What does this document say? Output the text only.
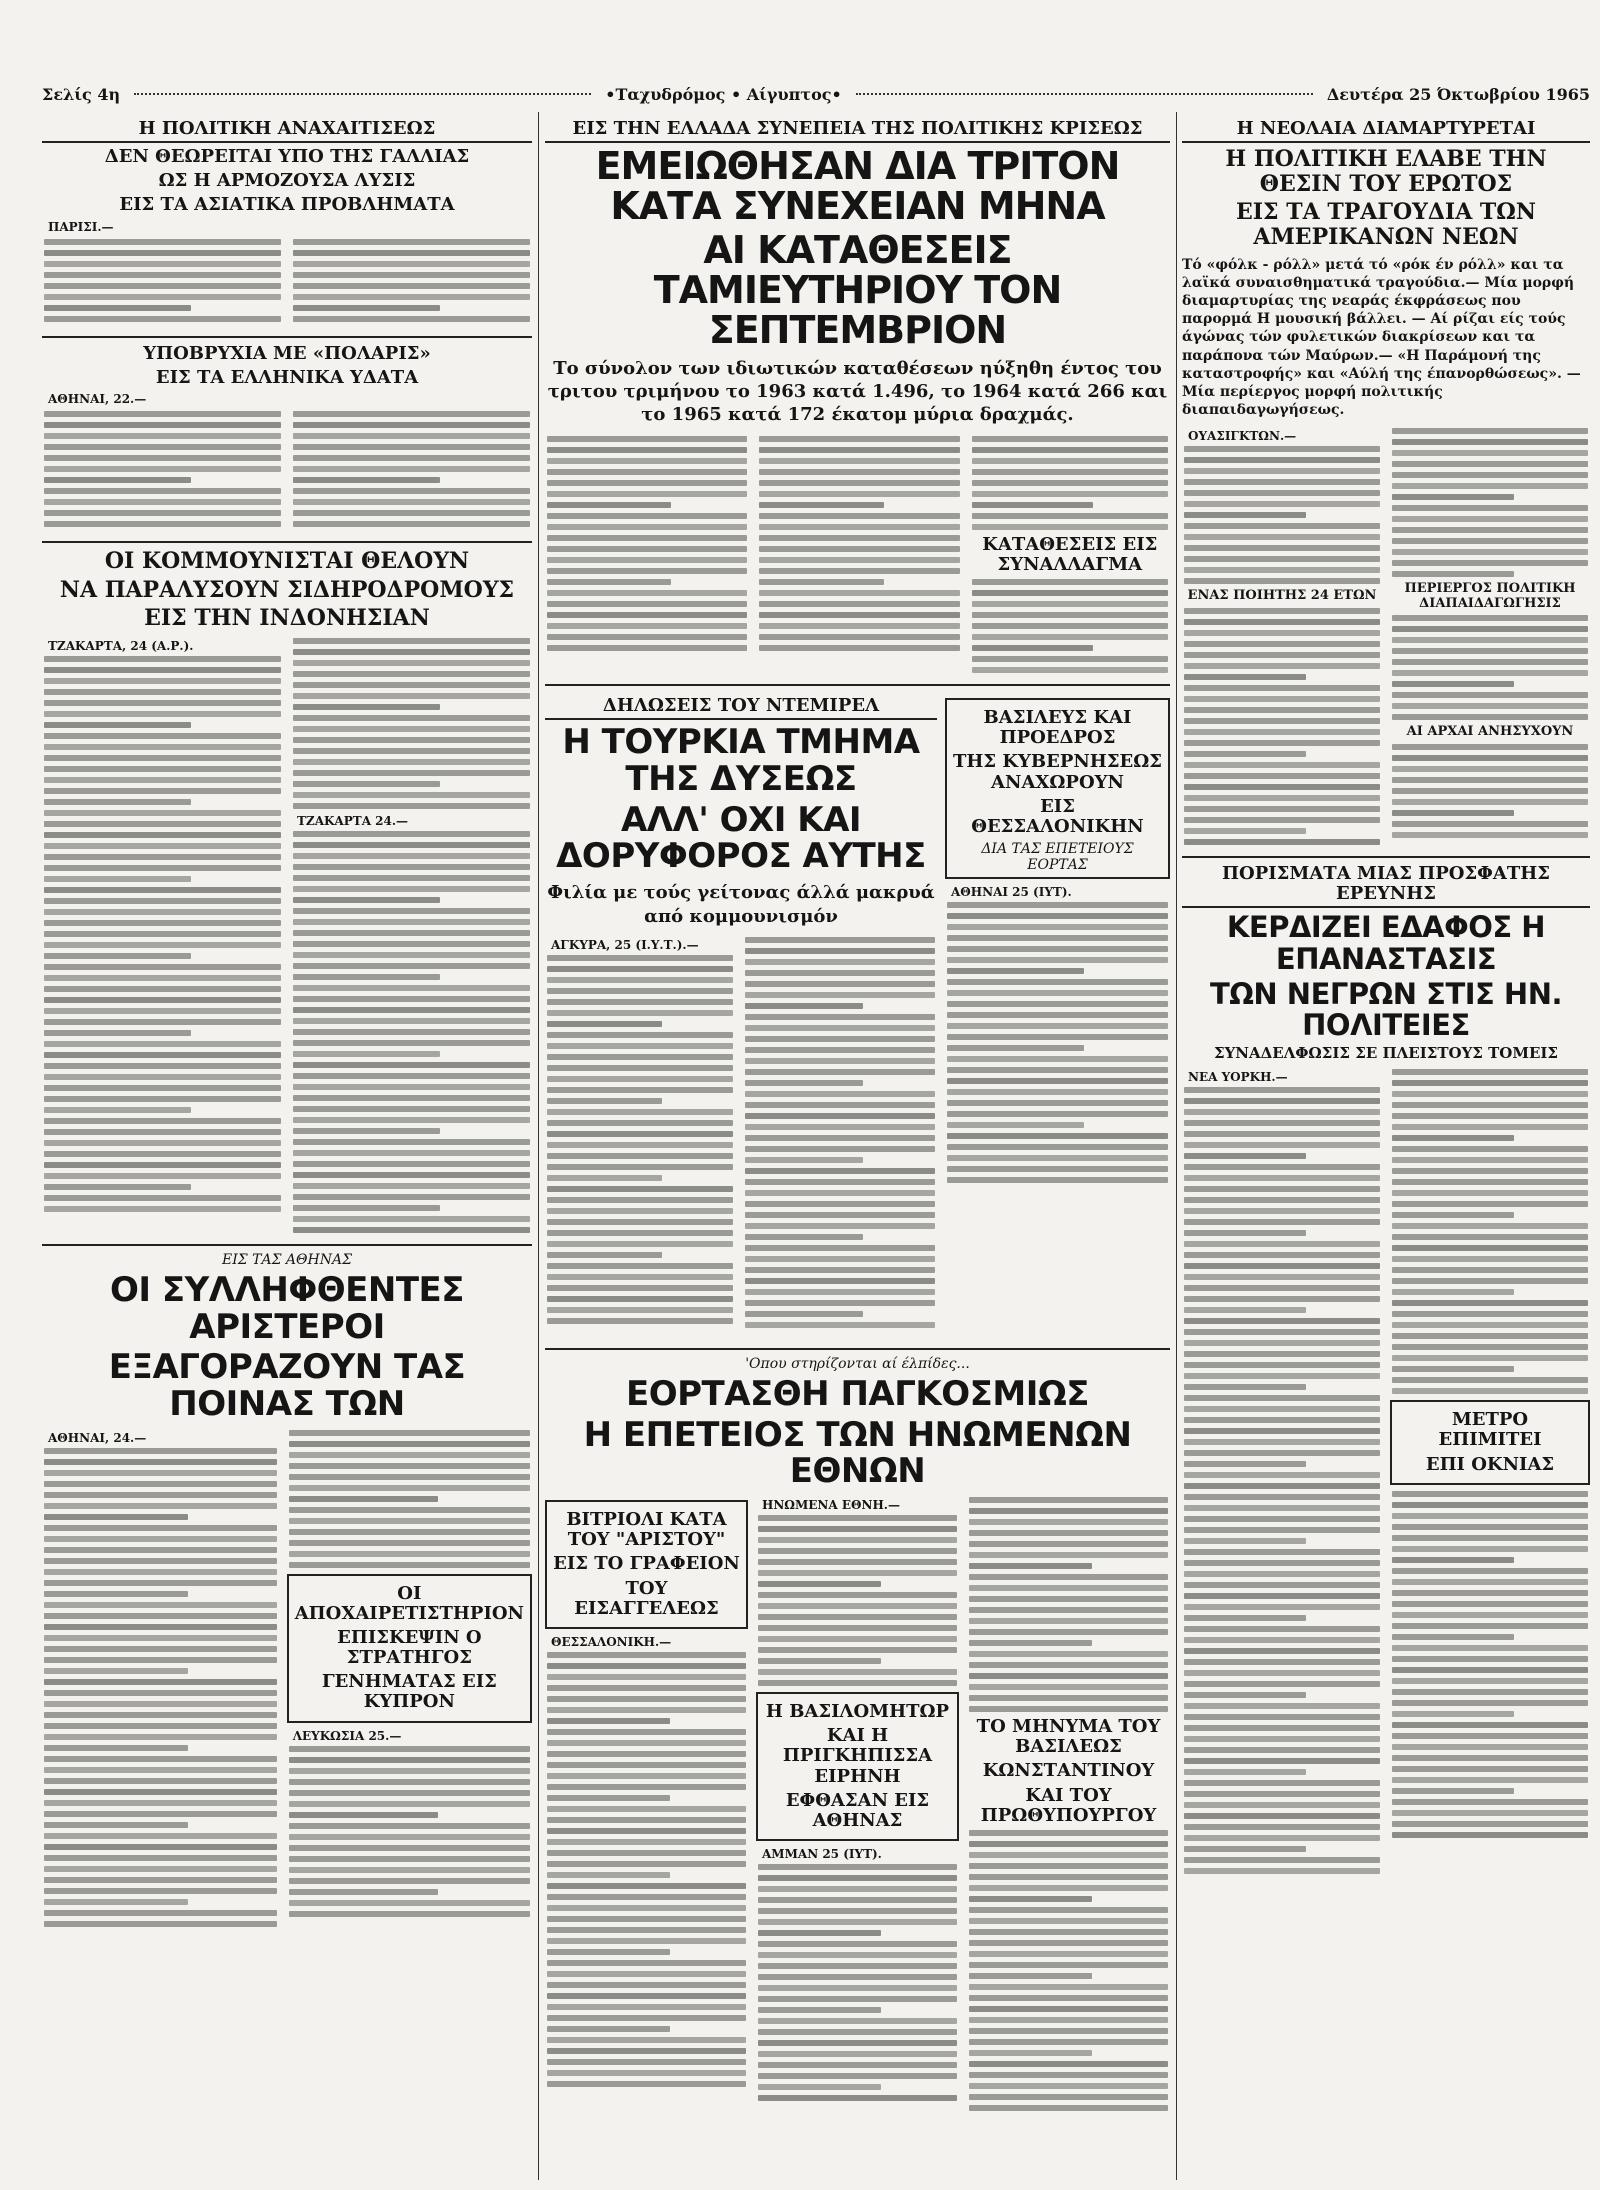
Σελίς 4η	•Ταχυδρόμος • Αίγυπτος•	Δευτέρα 25 Όκτωβρίου 1965
Η ΠΟΛΙΤΙΚΗ ΑΝΑΧΑΙΤΙΣΕΩΣ
ΔΕΝ ΘΕΩΡΕΙΤΑΙ ΥΠΟ ΤΗΣ ΓΑΛΛΙΑΣ
ΩΣ Η ΑΡΜΟΖΟΥΣΑ ΛΥΣΙΣ
ΕΙΣ ΤΑ ΑΣΙΑΤΙΚΑ ΠΡΟΒΛΗΜΑΤΑ
ΠΑΡΙΣΙ.—
ΥΠΟΒΡΥΧΙΑ ΜΕ «ΠΟΛΑΡΙΣ»
ΕΙΣ ΤΑ ΕΛΛΗΝΙΚΑ ΥΔΑΤΑ
ΑΘΗΝΑΙ, 22.—
ΟΙ ΚΟΜΜΟΥΝΙΣΤΑΙ ΘΕΛΟΥΝ
ΝΑ ΠΑΡΑΛΥΣΟΥΝ ΣΙΔΗΡΟΔΡΟΜΟΥΣ
ΕΙΣ ΤΗΝ ΙΝΔΟΝΗΣΙΑΝ
ΤΖΑΚΑΡΤΑ, 24 (Α.Ρ.).
ΤΖΑΚΑΡΤΑ 24.—
ΕΙΣ ΤΑΣ ΑΘΗΝΑΣ
ΟΙ ΣΥΛΛΗΦΘΕΝΤΕΣ ΑΡΙΣΤΕΡΟΙ
ΕΞΑΓΟΡΑΖΟΥΝ ΤΑΣ ΠΟΙΝΑΣ ΤΩΝ
ΑΘΗΝΑΙ, 24.—
ΟΙ ΑΠΟΧΑΙΡΕΤΙΣΤΗΡΙΟΝ
ΕΠΙΣΚΕΨΙΝ Ο ΣΤΡΑΤΗΓΟΣ
ΓΕΝΗΜΑΤΑΣ ΕΙΣ ΚΥΠΡΟΝ
ΛΕΥΚΩΣΙΑ 25.—
ΕΙΣ ΤΗΝ ΕΛΛΑΔΑ ΣΥΝΕΠΕΙΑ ΤΗΣ ΠΟΛΙΤΙΚΗΣ ΚΡΙΣΕΩΣ
ΕΜΕΙΩΘΗΣΑΝ ΔΙΑ ΤΡΙΤΟΝ ΚΑΤΑ ΣΥΝΕΧΕΙΑΝ ΜΗΝΑ
ΑΙ ΚΑΤΑΘΕΣΕΙΣ ΤΑΜΙΕΥΤΗΡΙΟΥ ΤΟΝ ΣΕΠΤΕΜΒΡΙΟΝ
Το σύνολον των ιδιωτικών καταθέσεων ηύξηθη έντος του τριτου τριμήνου το 1963 κατά 1.496, το 1964 κατά 266 και το 1965 κατά 172 έκατομ μύρια δραχμάς.
ΚΑΤΑΘΕΣΕΙΣ ΕΙΣ ΣΥΝΑΛΛΑΓΜΑ
ΔΗΛΩΣΕΙΣ ΤΟΥ ΝΤΕΜΙΡΕΛ
Η ΤΟΥΡΚΙΑ ΤΜΗΜΑ ΤΗΣ ΔΥΣΕΩΣ
ΑΛΛ' ΟΧΙ ΚΑΙ ΔΟΡΥΦΟΡΟΣ ΑΥΤΗΣ
Φιλία με τούς γείτονας άλλά μακρυά από κομμουνισμόν
ΑΓΚΥΡΑ, 25 (Ι.Υ.Τ.).—
ΒΑΣΙΛΕΥΣ ΚΑΙ ΠΡΟΕΔΡΟΣ
ΤΗΣ ΚΥΒΕΡΝΗΣΕΩΣ ΑΝΑΧΩΡΟΥΝ
ΕΙΣ ΘΕΣΣΑΛΟΝΙΚΗΝ
ΔΙΑ ΤΑΣ ΕΠΕΤΕΙΟΥΣ ΕΟΡΤΑΣ
ΑΘΗΝΑΙ 25 (ΙΥΤ).
'Οπου στηρίζονται αί έλπίδες...
ΕΟΡΤΑΣΘΗ ΠΑΓΚΟΣΜΙΩΣ
Η ΕΠΕΤΕΙΟΣ ΤΩΝ ΗΝΩΜΕΝΩΝ ΕΘΝΩΝ
ΒΙΤΡΙΟΛΙ ΚΑΤΑ ΤΟΥ "ΑΡΙΣΤΟΥ"
ΕΙΣ ΤΟ ΓΡΑΦΕΙΟΝ
ΤΟΥ ΕΙΣΑΓΓΕΛΕΩΣ
ΘΕΣΣΑΛΟΝΙΚΗ.—
ΗΝΩΜΕΝΑ ΕΘΝΗ.—
Η ΒΑΣΙΛΟΜΗΤΩΡ
ΚΑΙ Η ΠΡΙΓΚΗΠΙΣΣΑ ΕΙΡΗΝΗ
ΕΦΘΑΣΑΝ ΕΙΣ ΑΘΗΝΑΣ
ΑΜΜΑΝ 25 (ΙΥΤ).
ΤΟ ΜΗΝΥΜΑ ΤΟΥ ΒΑΣΙΛΕΩΣ
ΚΩΝΣΤΑΝΤΙΝΟΥ
ΚΑΙ ΤΟΥ ΠΡΩΘΥΠΟΥΡΓΟΥ
Η ΝΕΟΛΑΙΑ ΔΙΑΜΑΡΤΥΡΕΤΑΙ
Η ΠΟΛΙΤΙΚΗ ΕΛΑΒΕ ΤΗΝ ΘΕΣΙΝ ΤΟΥ ΕΡΩΤΟΣ
ΕΙΣ ΤΑ ΤΡΑΓΟΥΔΙΑ ΤΩΝ ΑΜΕΡΙΚΑΝΩΝ ΝΕΩΝ
Τό «φόλκ - ρόλλ» μετά τό «ρόκ έν ρόλλ» και τα λαϊκά συναισθηματικά τραγούδια.— Μία μορφή διαμαρτυρίας της νεαράς έκφράσεως που παρορμά Η μουσική βάλλει. — Αί ρίζαι είς τούς άγώνας τών φυλετικών διακρίσεων και τα παράπονα τών Μαύρων.— «Η Παράμονή της καταστροφής» και «Αύλή της έπανορθώσεως». — Μία περίεργος μορφή πολιτικής διαπαιδαγωγήσεως.
ΟΥΑΣΙΓΚΤΩΝ.—
ΕΝΑΣ ΠΟΙΗΤΗΣ 24 ΕΤΩΝ	ΠΕΡΙΕΡΓΟΣ ΠΟΛΙΤΙΚΗ ΔΙΑΠΑΙΔΑΓΩΓΗΣΙΣ
ΑΙ ΑΡΧΑΙ ΑΝΗΣΥΧΟΥΝ
ΠΟΡΙΣΜΑΤΑ ΜΙΑΣ ΠΡΟΣΦΑΤΗΣ ΕΡΕΥΝΗΣ
ΚΕΡΔΙΖΕΙ ΕΔΑΦΟΣ Η ΕΠΑΝΑΣΤΑΣΙΣ
ΤΩΝ ΝΕΓΡΩΝ ΣΤΙΣ ΗΝ. ΠΟΛΙΤΕΙΕΣ
ΣΥΝΑΔΕΛΦΩΣΙΣ ΣΕ ΠΛΕΙΣΤΟΥΣ ΤΟΜΕΙΣ
ΝΕΑ ΥΟΡΚΗ.—
ΜΕΤΡΟ ΕΠΙΜΙΤΕΙ
ΕΠΙ ΟΚΝΙΑΣ
